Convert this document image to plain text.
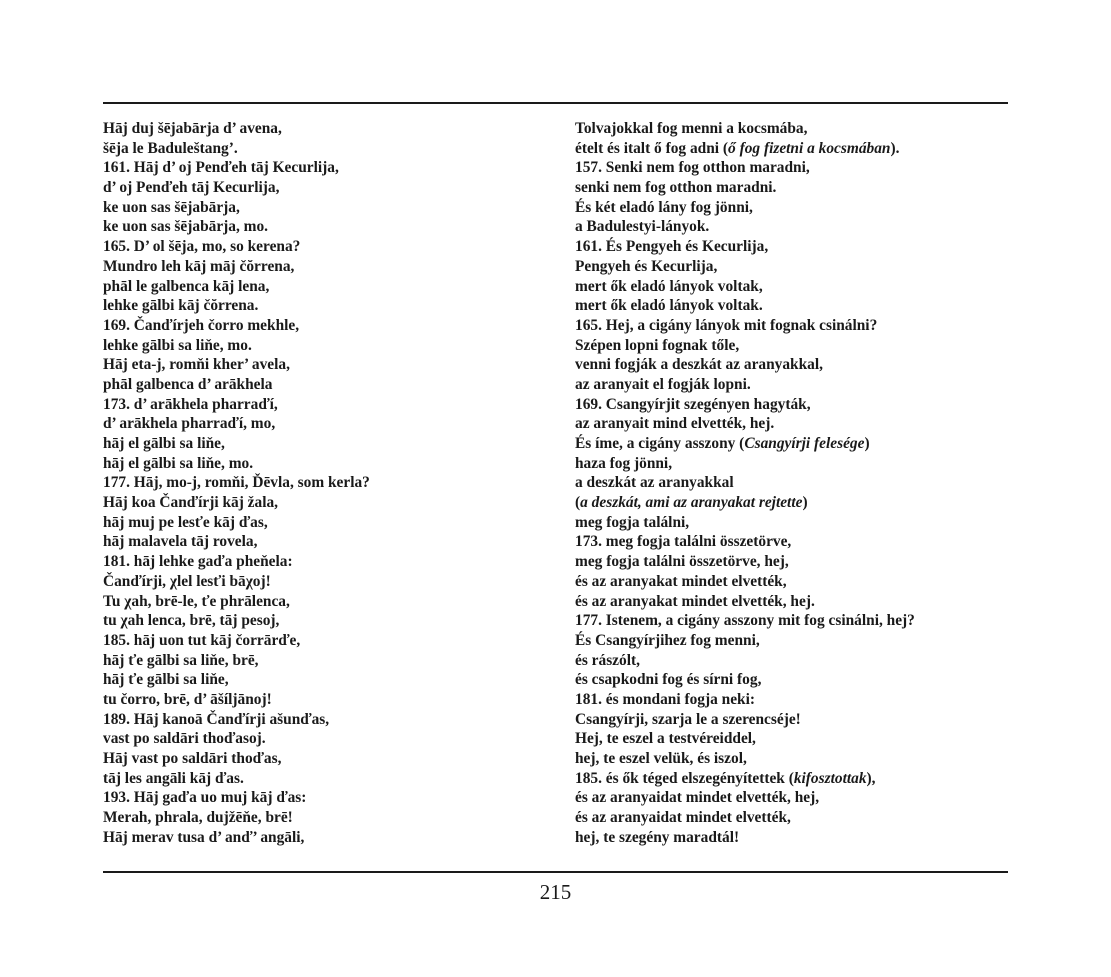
Hāj duj šējabārja d’ avena,
šēja le Baduleštang’.
161. Hāj d’ oj Penďeh tāj Kecurlija,
d’ oj Penďeh tāj Kecurlija,
ke uon sas šējabārja,
ke uon sas šējabārja, mo.
165. D’ ol šēja, mo, so kerena?
Mundro leh kāj māj čŏrrena,
phāl le galbenca kāj lena,
lehke gālbi kāj čŏrrena.
169. Čanďírjeh čorro mekhle,
lehke gālbi sa liňe, mo.
Hāj eta-j, romňi kher’ avela,
phāl galbenca d’ arākhela
173. d’ arākhela pharraďí,
d’ arākhela pharraďí, mo,
hāj el gālbi sa liňe,
hāj el gālbi sa liňe, mo.
177. Hāj, mo-j, romňi, Ďēvla, som kerla?
Hāj koa Čanďírji kāj žala,
hāj muj pe lesťe kāj ďas,
hāj malavela tāj rovela,
181. hāj lehke gaďa pheňela:
Čanďírji, χlel lesťi bāχoj!
Tu χah, brē-le, ťe phrālenca,
tu χah lenca, brē, tāj pesoj,
185. hāj uon tut kāj čorrārďe,
hāj ťe gālbi sa liňe, brē,
hāj ťe gālbi sa liňe,
tu čorro, brē, d’ āšíljānoj!
189. Hāj kanoā Čanďírji ašunďas,
vast po saldāri thoďasoj.
Hāj vast po saldāri thoďas,
tāj les angāli kāj ďas.
193. Hāj gaďa uo muj kāj ďas:
Merah, phrala, dujžēňe, brē!
Hāj merav tusa d’ anď’ angāli,
Tolvajokkal fog menni a kocsmába,
ételt és italt ő fog adni (ő fog fizetni a kocsmában).
157. Senki nem fog otthon maradni,
senki nem fog otthon maradni.
És két eladó lány fog jönni,
a Badulestyi-lányok.
161. És Pengyeh és Kecurlija,
Pengyeh és Kecurlija,
mert ők eladó lányok voltak,
mert ők eladó lányok voltak.
165. Hej, a cigány lányok mit fognak csinálni?
Szépen lopni fognak tőle,
venni fogják a deszkát az aranyakkal,
az aranyait el fogják lopni.
169. Csangyírjit szegényen hagyták,
az aranyait mind elvették, hej.
És íme, a cigány asszony (Csangyírji felesége)
haza fog jönni,
a deszkát az aranyakkal
(a deszkát, ami az aranyakat rejtette)
meg fogja találni,
173. meg fogja találni összetörve,
meg fogja találni összetörve, hej,
és az aranyakat mindet elvették,
és az aranyakat mindet elvették, hej.
177. Istenem, a cigány asszony mit fog csinálni, hej?
És Csangyírjihez fog menni,
és rászólt,
és csapkodni fog és sírni fog,
181. és mondani fogja neki:
Csangyírji, szarja le a szerencséje!
Hej, te eszel a testvéreiddel,
hej, te eszel velük, és iszol,
185. és ők téged elszegényítettek (kifosztottak),
és az aranyaidat mindet elvették, hej,
és az aranyaidat mindet elvették,
hej, te szegény maradtál!
215
